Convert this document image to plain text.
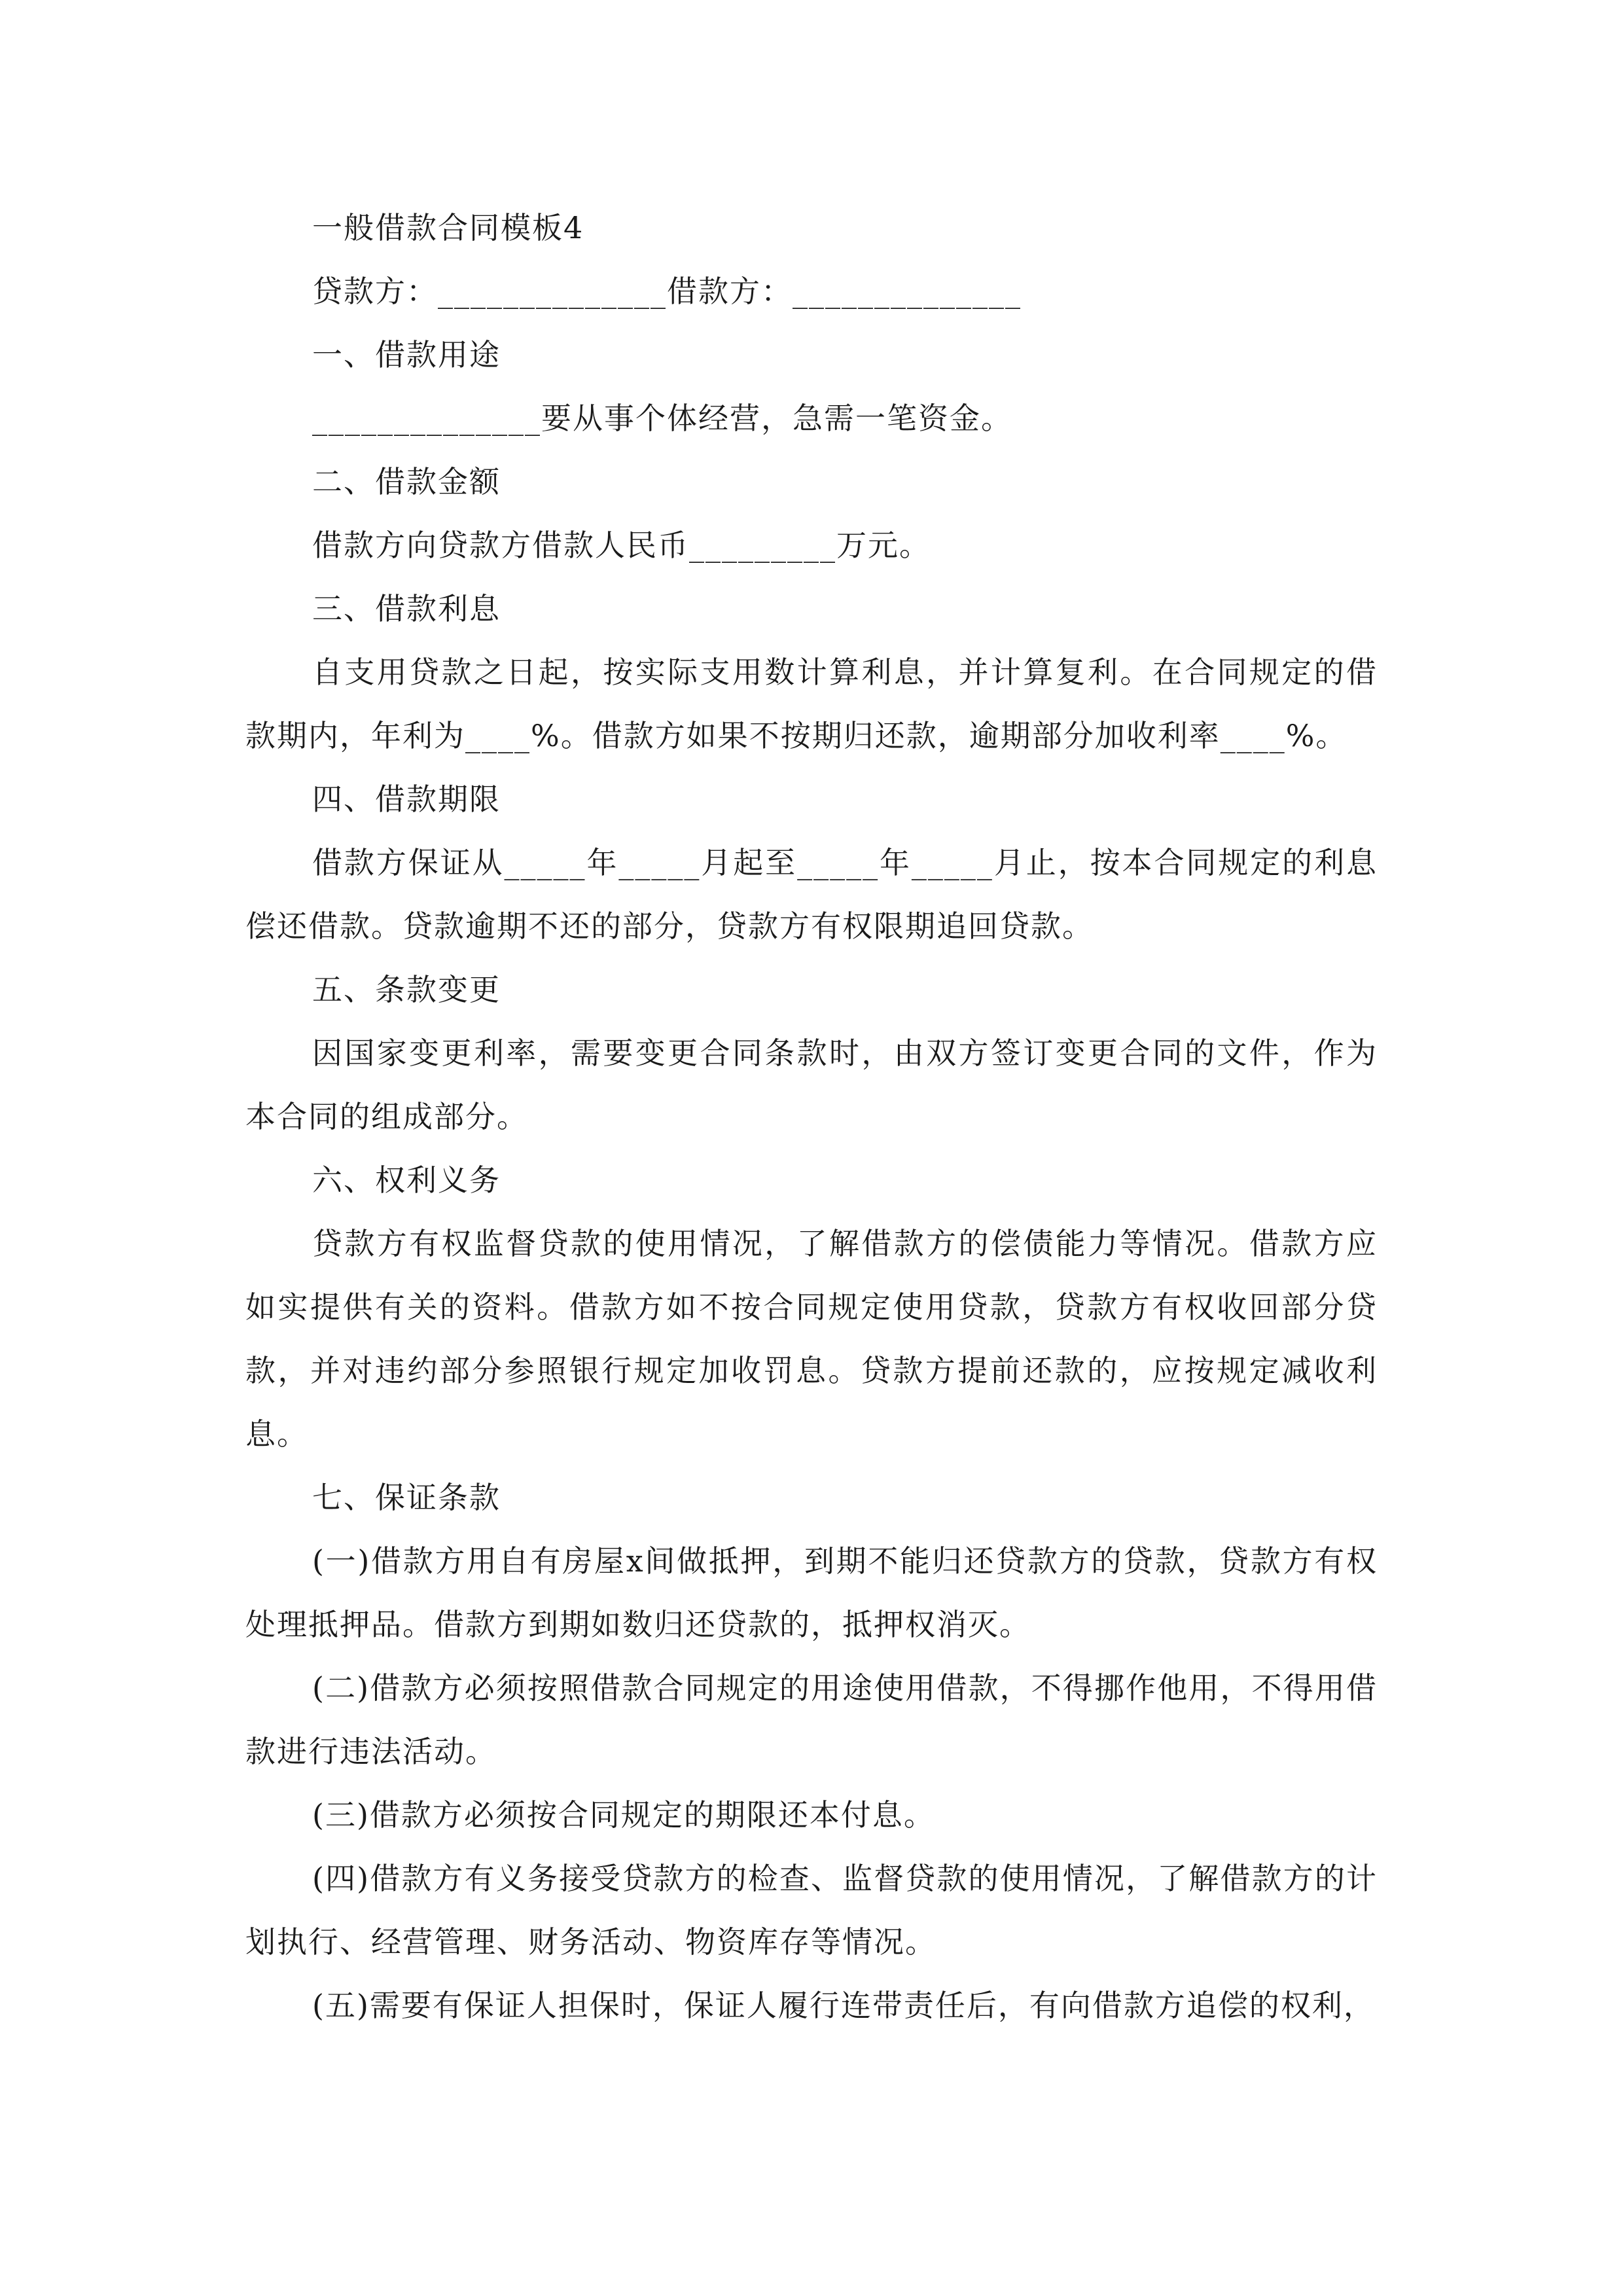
一般借款合同模板4

贷款方：______________借款方：______________

一、借款用途

______________要从事个体经营，急需一笔资金。

二、借款金额

借款方向贷款方借款人民币_________万元。

三、借款利息

自支用贷款之日起，按实际支用数计算利息，并计算复利。在合同规定的借款期内，年利为____%。借款方如果不按期归还款，逾期部分加收利率____%。

四、借款期限

借款方保证从_____年_____月起至_____年_____月止，按本合同规定的利息偿还借款。贷款逾期不还的部分，贷款方有权限期追回贷款。

五、条款变更

因国家变更利率，需要变更合同条款时，由双方签订变更合同的文件，作为本合同的组成部分。

六、权利义务

贷款方有权监督贷款的使用情况，了解借款方的偿债能力等情况。借款方应如实提供有关的资料。借款方如不按合同规定使用贷款，贷款方有权收回部分贷款，并对违约部分参照银行规定加收罚息。贷款方提前还款的，应按规定减收利息。

七、保证条款

(一)借款方用自有房屋x间做抵押，到期不能归还贷款方的贷款，贷款方有权处理抵押品。借款方到期如数归还贷款的，抵押权消灭。

(二)借款方必须按照借款合同规定的用途使用借款，不得挪作他用，不得用借款进行违法活动。

(三)借款方必须按合同规定的期限还本付息。

(四)借款方有义务接受贷款方的检查、监督贷款的使用情况，了解借款方的计划执行、经营管理、财务活动、物资库存等情况。

(五)需要有保证人担保时，保证人履行连带责任后，有向借款方追偿的权利，
